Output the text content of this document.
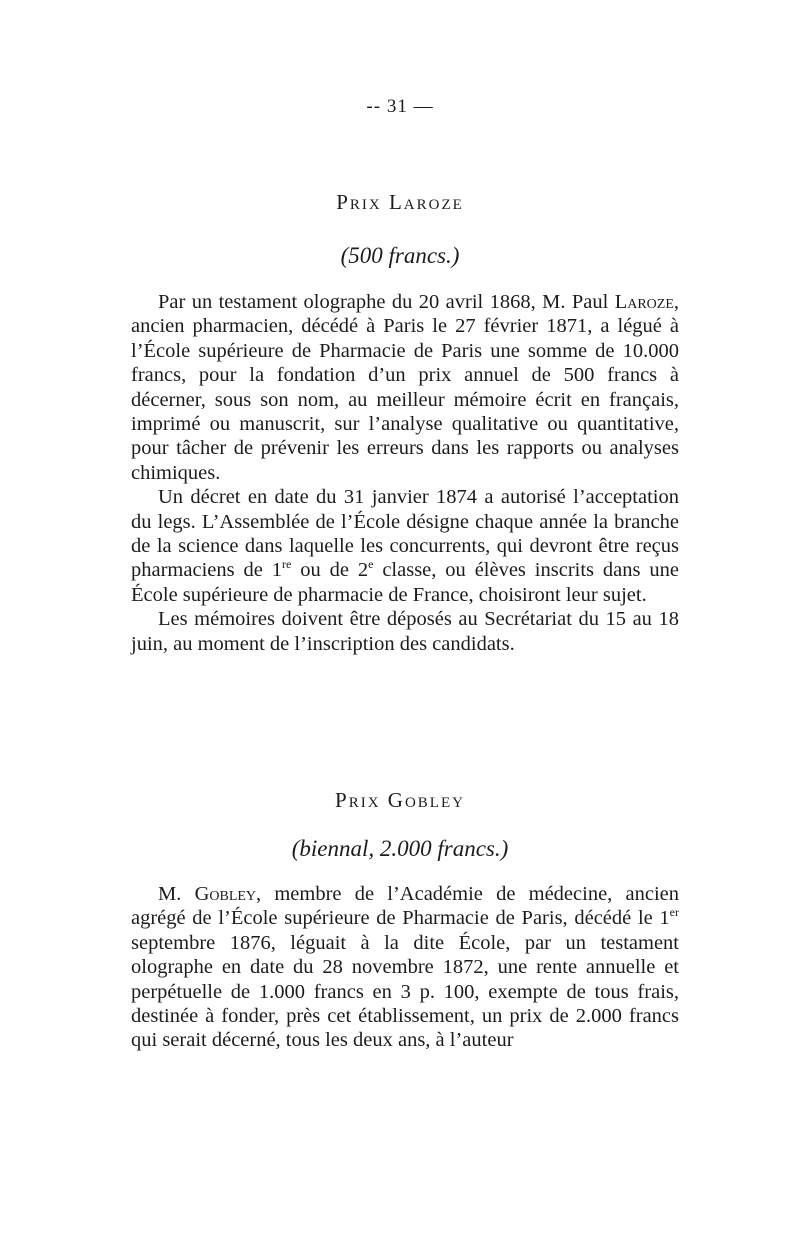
-- 31 —
Prix Laroze
(500 francs.)

Par un testament olographe du 20 avril 1868, M. Paul Laroze, ancien pharmacien, décédé à Paris le 27 février 1871, a légué à l’École supérieure de Pharmacie de Paris une somme de 10.000 francs, pour la fondation d’un prix annuel de 500 francs à décerner, sous son nom, au meilleur mémoire écrit en français, imprimé ou manuscrit, sur l’analyse qualitative ou quantitative, pour tâcher de prévenir les erreurs dans les rapports ou analyses chimiques.

Un décret en date du 31 janvier 1874 a autorisé l’acceptation du legs. L’Assemblée de l’École désigne chaque année la branche de la science dans laquelle les concurrents, qui devront être reçus pharmaciens de 1re ou de 2e classe, ou élèves inscrits dans une École supérieure de pharmacie de France, choisiront leur sujet.

Les mémoires doivent être déposés au Secrétariat du 15 au 18 juin, au moment de l’inscription des candidats.

Prix Gobley
(biennal, 2.000 francs.)

M. Gobley, membre de l’Académie de médecine, ancien agrégé de l’École supérieure de Pharmacie de Paris, décédé le 1er septembre 1876, léguait à la dite École, par un testament olographe en date du 28 novembre 1872, une rente annuelle et perpétuelle de 1.000 francs en 3 p. 100, exempte de tous frais, destinée à fonder, près cet établissement, un prix de 2.000 francs qui serait décerné, tous les deux ans, à l’auteur
